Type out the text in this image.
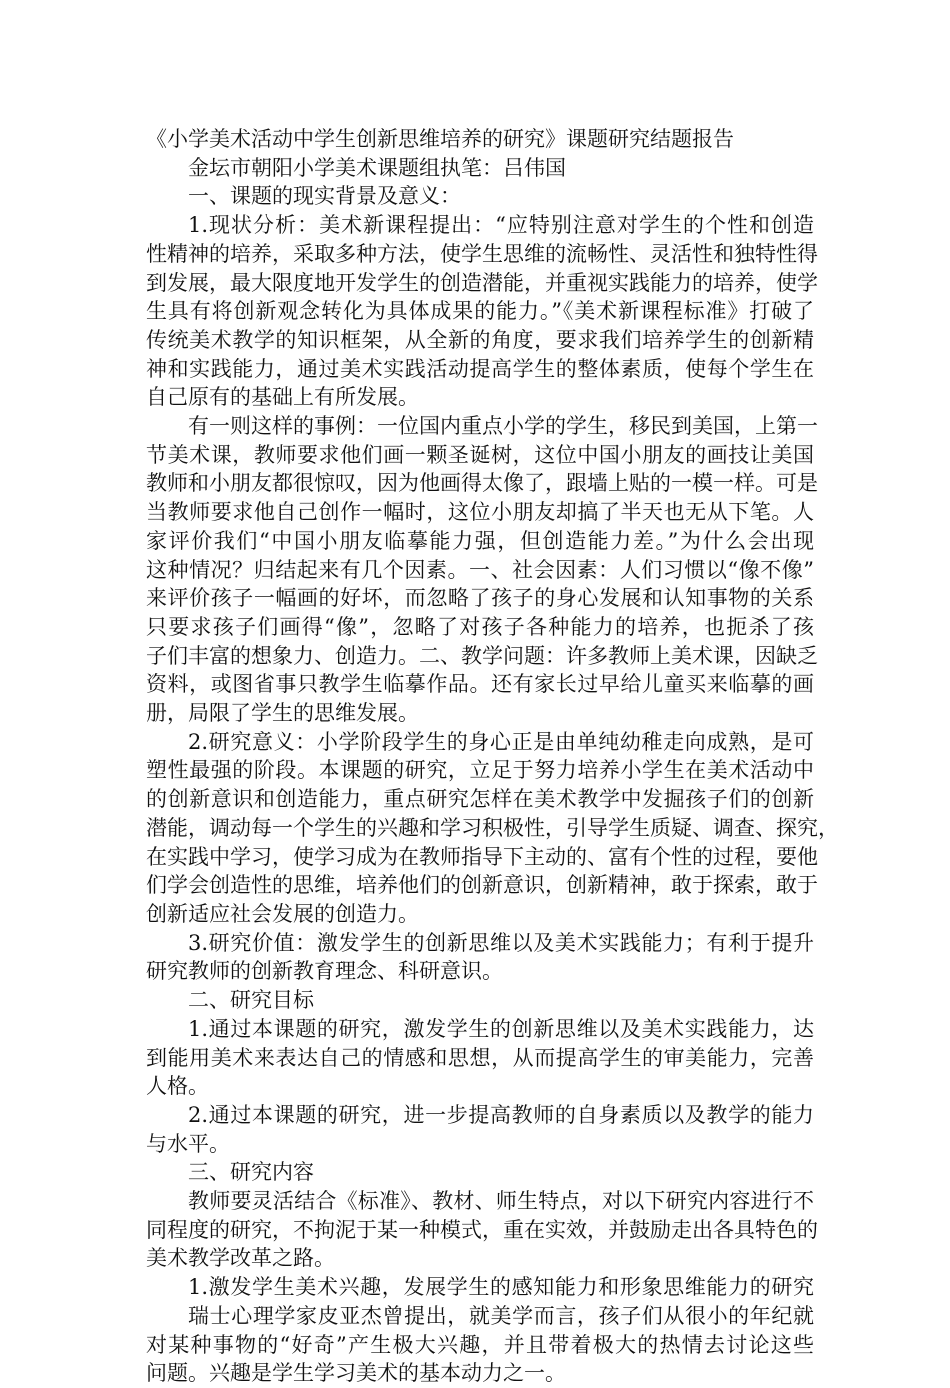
《小学美术活动中学生创新思维培养的研究》课题研究结题报告
金坛市朝阳小学美术课题组执笔：吕伟国
一、课题的现实背景及意义：
1.现状分析：美术新课程提出：“应特别注意对学生的个性和创造
性精神的培养，采取多种方法，使学生思维的流畅性、灵活性和独特性得
到发展，最大限度地开发学生的创造潜能，并重视实践能力的培养，使学
生具有将创新观念转化为具体成果的能力。”《美术新课程标准》打破了
传统美术教学的知识框架，从全新的角度，要求我们培养学生的创新精
神和实践能力，通过美术实践活动提高学生的整体素质，使每个学生在
自己原有的基础上有所发展。
有一则这样的事例：一位国内重点小学的学生，移民到美国，上第一
节美术课，教师要求他们画一颗圣诞树，这位中国小朋友的画技让美国
教师和小朋友都很惊叹，因为他画得太像了，跟墙上贴的一模一样。可是
当教师要求他自己创作一幅时，这位小朋友却搞了半天也无从下笔。人
家评价我们“中国小朋友临摹能力强，但创造能力差。”为什么会出现
这种情况？归结起来有几个因素。一、社会因素：人们习惯以“像不像”
来评价孩子一幅画的好坏，而忽略了孩子的身心发展和认知事物的关系
只要求孩子们画得“像”，忽略了对孩子各种能力的培养，也扼杀了孩
子们丰富的想象力、创造力。二、教学问题：许多教师上美术课，因缺乏
资料，或图省事只教学生临摹作品。还有家长过早给儿童买来临摹的画
册，局限了学生的思维发展。
2.研究意义：小学阶段学生的身心正是由单纯幼稚走向成熟，是可
塑性最强的阶段。本课题的研究，立足于努力培养小学生在美术活动中
的创新意识和创造能力，重点研究怎样在美术教学中发掘孩子们的创新
潜能，调动每一个学生的兴趣和学习积极性，引导学生质疑、调查、探究，
在实践中学习，使学习成为在教师指导下主动的、富有个性的过程，要他
们学会创造性的思维，培养他们的创新意识，创新精神，敢于探索，敢于
创新适应社会发展的创造力。
3.研究价值：激发学生的创新思维以及美术实践能力；有利于提升
研究教师的创新教育理念、科研意识。
二、研究目标
1.通过本课题的研究，激发学生的创新思维以及美术实践能力，达
到能用美术来表达自己的情感和思想，从而提高学生的审美能力，完善
人格。
2.通过本课题的研究，进一步提高教师的自身素质以及教学的能力
与水平。
三、研究内容
教师要灵活结合《标准》、教材、师生特点，对以下研究内容进行不
同程度的研究，不拘泥于某一种模式，重在实效，并鼓励走出各具特色的
美术教学改革之路。
1.激发学生美术兴趣，发展学生的感知能力和形象思维能力的研究
瑞士心理学家皮亚杰曾提出，就美学而言，孩子们从很小的年纪就
对某种事物的“好奇”产生极大兴趣，并且带着极大的热情去讨论这些
问题。兴趣是学生学习美术的基本动力之一。
